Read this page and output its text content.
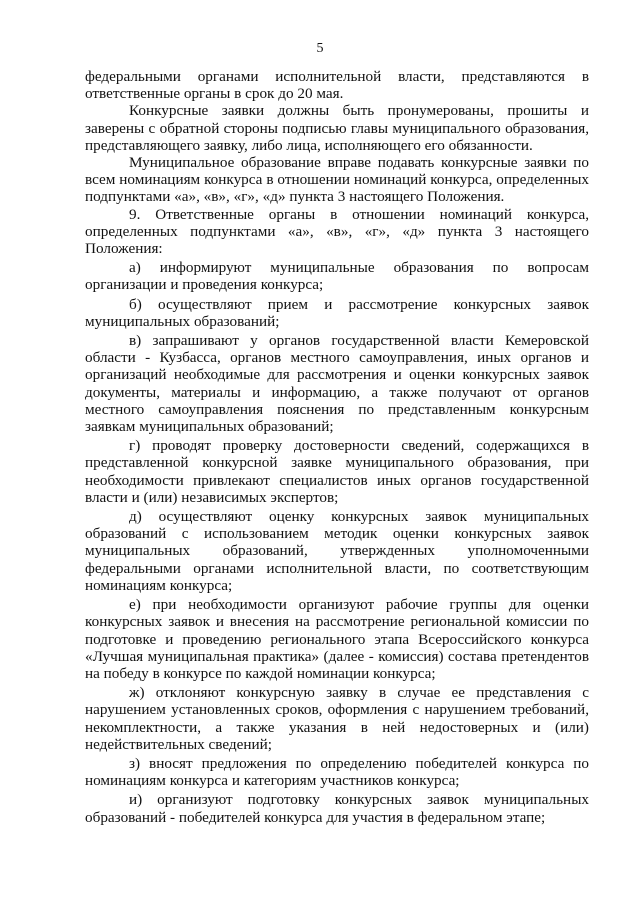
5

федеральными органами исполнительной власти, представляются в ответственные органы в срок до 20 мая.

Конкурсные заявки должны быть пронумерованы, прошиты и заверены с обратной стороны подписью главы муниципального образования, представляющего заявку, либо лица, исполняющего его обязанности.

Муниципальное образование вправе подавать конкурсные заявки по всем номинациям конкурса в отношении номинаций конкурса, определенных подпунктами «а», «в», «г», «д» пункта 3 настоящего Положения.

9. Ответственные органы в отношении номинаций конкурса, определенных подпунктами «а», «в», «г», «д» пункта 3 настоящего Положения:

а) информируют муниципальные образования по вопросам организации и проведения конкурса;

б) осуществляют прием и рассмотрение конкурсных заявок муниципальных образований;

в) запрашивают у органов государственной власти Кемеровской области - Кузбасса, органов местного самоуправления, иных органов и организаций необходимые для рассмотрения и оценки конкурсных заявок документы, материалы и информацию, а также получают от органов местного самоуправления пояснения по представленным конкурсным заявкам муниципальных образований;

г) проводят проверку достоверности сведений, содержащихся в представленной конкурсной заявке муниципального образования, при необходимости привлекают специалистов иных органов государственной власти и (или) независимых экспертов;

д) осуществляют оценку конкурсных заявок муниципальных образований с использованием методик оценки конкурсных заявок муниципальных образований, утвержденных уполномоченными федеральными органами исполнительной власти, по соответствующим номинациям конкурса;

е) при необходимости организуют рабочие группы для оценки конкурсных заявок и внесения на рассмотрение региональной комиссии по подготовке и проведению регионального этапа Всероссийского конкурса «Лучшая муниципальная практика» (далее - комиссия) состава претендентов на победу в конкурсе по каждой номинации конкурса;

ж) отклоняют конкурсную заявку в случае ее представления с нарушением установленных сроков, оформления с нарушением требований, некомплектности, а также указания в ней недостоверных и (или) недействительных сведений;

з) вносят предложения по определению победителей конкурса по номинациям конкурса и категориям участников конкурса;

и) организуют подготовку конкурсных заявок муниципальных образований - победителей конкурса для участия в федеральном этапе;
